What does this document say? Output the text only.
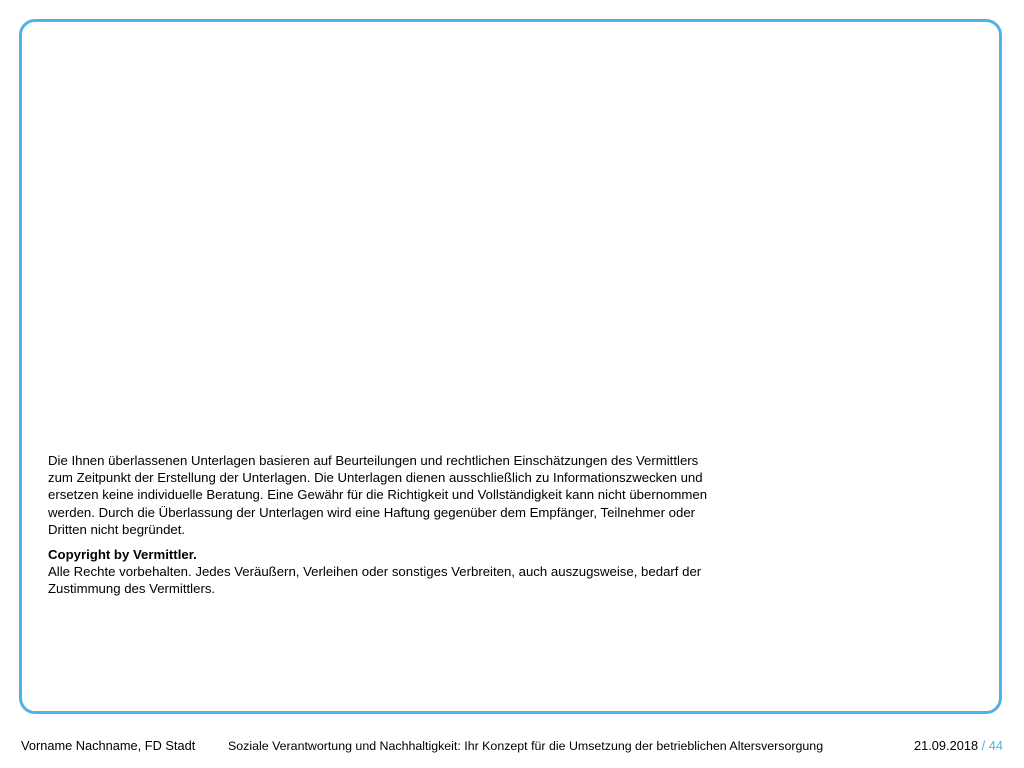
Die Ihnen überlassenen Unterlagen basieren auf Beurteilungen und rechtlichen Einschätzungen des Vermittlers zum Zeitpunkt der Erstellung der Unterlagen. Die Unterlagen dienen ausschließlich zu Informationszwecken und ersetzen keine individuelle Beratung. Eine Gewähr für die Richtigkeit und Vollständigkeit kann nicht übernommen werden. Durch die Überlassung der Unterlagen wird eine Haftung gegenüber dem Empfänger, Teilnehmer oder Dritten nicht begründet.

Copyright by Vermittler.
Alle Rechte vorbehalten. Jedes Veräußern, Verleihen oder sonstiges Verbreiten, auch auszugsweise, bedarf der Zustimmung des Vermittlers.

Vorname Nachname, FD Stadt	Soziale Verantwortung und Nachhaltigkeit: Ihr Konzept für die Umsetzung der betrieblichen Altersversorgung	21.09.2018 / 44
